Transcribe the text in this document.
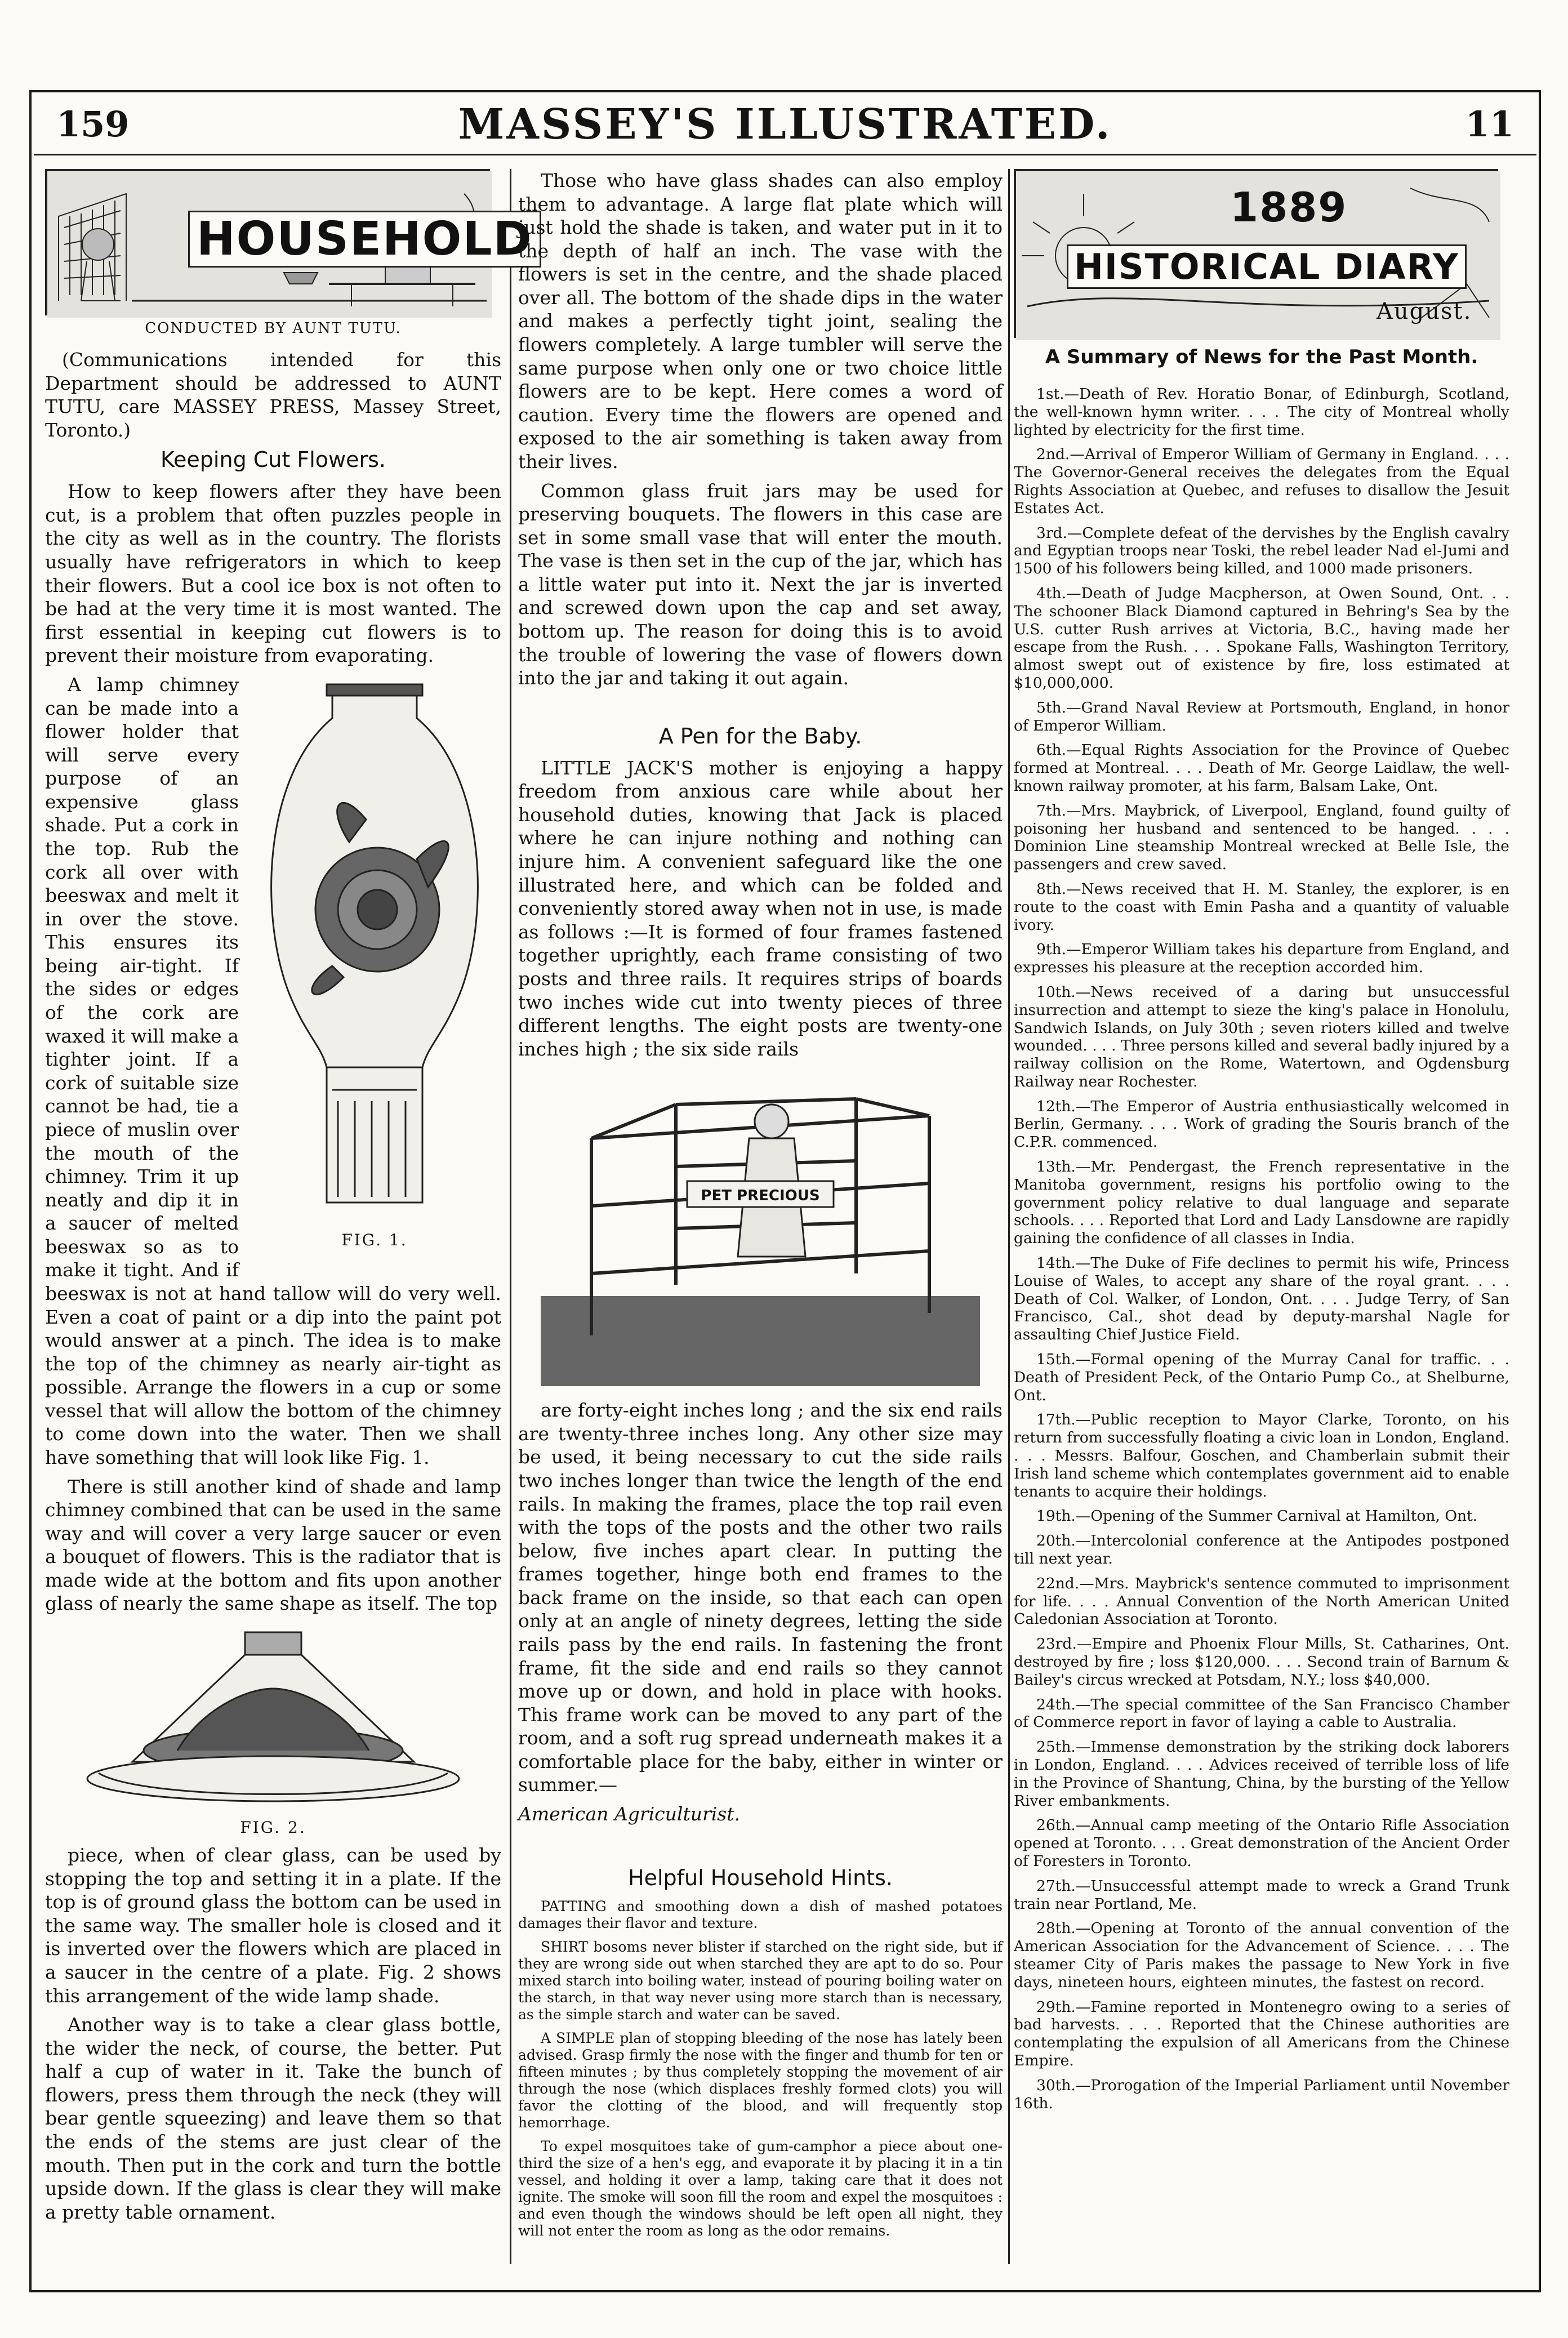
159	MASSEY'S ILLUSTRATED.	11
HOUSEHOLD
CONDUCTED BY AUNT TUTU.

(Communications intended for this Department should be addressed to AUNT TUTU, care MASSEY PRESS, Massey Street, Toronto.)

Keeping Cut Flowers.

How to keep flowers after they have been cut, is a problem that often puzzles people in the city as well as in the country. The florists usually have refrigerators in which to keep their flowers. But a cool ice box is not often to be had at the very time it is most wanted. The first essential in keeping cut flowers is to prevent their moisture from evaporating.

FIG. 1.

A lamp chimney can be made into a flower holder that will serve every purpose of an expensive glass shade. Put a cork in the top. Rub the cork all over with beeswax and melt it in over the stove. This ensures its being air-tight. If the sides or edges of the cork are waxed it will make a tighter joint. If a cork of suitable size cannot be had, tie a piece of muslin over the mouth of the chimney. Trim it up neatly and dip it in a saucer of melted beeswax so as to make it tight. And if beeswax is not at hand tallow will do very well. Even a coat of paint or a dip into the paint pot would answer at a pinch. The idea is to make the top of the chimney as nearly air-tight as possible. Arrange the flowers in a cup or some vessel that will allow the bottom of the chimney to come down into the water. Then we shall have something that will look like Fig. 1.

There is still another kind of shade and lamp chimney combined that can be used in the same way and will cover a very large saucer or even a bouquet of flowers. This is the radiator that is made wide at the bottom and fits upon another glass of nearly the same shape as itself. The top

FIG. 2.

piece, when of clear glass, can be used by stopping the top and setting it in a plate. If the top is of ground glass the bottom can be used in the same way. The smaller hole is closed and it is inverted over the flowers which are placed in a saucer in the centre of a plate. Fig. 2 shows this arrangement of the wide lamp shade.

Another way is to take a clear glass bottle, the wider the neck, of course, the better. Put half a cup of water in it. Take the bunch of flowers, press them through the neck (they will bear gentle squeezing) and leave them so that the ends of the stems are just clear of the mouth. Then put in the cork and turn the bottle upside down. If the glass is clear they will make a pretty table ornament.

Those who have glass shades can also employ them to advantage. A large flat plate which will just hold the shade is taken, and water put in it to the depth of half an inch. The vase with the flowers is set in the centre, and the shade placed over all. The bottom of the shade dips in the water and makes a perfectly tight joint, sealing the flowers completely. A large tumbler will serve the same purpose when only one or two choice little flowers are to be kept. Here comes a word of caution. Every time the flowers are opened and exposed to the air something is taken away from their lives.

Common glass fruit jars may be used for preserving bouquets. The flowers in this case are set in some small vase that will enter the mouth. The vase is then set in the cup of the jar, which has a little water put into it. Next the jar is inverted and screwed down upon the cap and set away, bottom up. The reason for doing this is to avoid the trouble of lowering the vase of flowers down into the jar and taking it out again.

A Pen for the Baby.

LITTLE JACK'S mother is enjoying a happy freedom from anxious care while about her household duties, knowing that Jack is placed where he can injure nothing and nothing can injure him. A convenient safeguard like the one illustrated here, and which can be folded and conveniently stored away when not in use, is made as follows :—It is formed of four frames fastened together uprightly, each frame consisting of two posts and three rails. It requires strips of boards two inches wide cut into twenty pieces of three different lengths. The eight posts are twenty-one inches high ; the six side rails

PET PRECIOUS

are forty-eight inches long ; and the six end rails are twenty-three inches long. Any other size may be used, it being necessary to cut the side rails two inches longer than twice the length of the end rails. In making the frames, place the top rail even with the tops of the posts and the other two rails below, five inches apart clear. In putting the frames together, hinge both end frames to the back frame on the inside, so that each can open only at an angle of ninety degrees, letting the side rails pass by the end rails. In fastening the front frame, fit the side and end rails so they cannot move up or down, and hold in place with hooks. This frame work can be moved to any part of the room, and a soft rug spread underneath makes it a comfortable place for the baby, either in winter or summer.—

American Agriculturist.

Helpful Household Hints.

PATTING and smoothing down a dish of mashed potatoes damages their flavor and texture.

SHIRT bosoms never blister if starched on the right side, but if they are wrong side out when starched they are apt to do so. Pour mixed starch into boiling water, instead of pouring boiling water on the starch, in that way never using more starch than is necessary, as the simple starch and water can be saved.

A SIMPLE plan of stopping bleeding of the nose has lately been advised. Grasp firmly the nose with the finger and thumb for ten or fifteen minutes ; by thus completely stopping the movement of air through the nose (which displaces freshly formed clots) you will favor the clotting of the blood, and will frequently stop hemorrhage.

To expel mosquitoes take of gum-camphor a piece about one-third the size of a hen's egg, and evaporate it by placing it in a tin vessel, and holding it over a lamp, taking care that it does not ignite. The smoke will soon fill the room and expel the mosquitoes : and even though the windows should be left open all night, they will not enter the room as long as the odor remains.

1889
HISTORICAL DIARY
August.
A Summary of News for the Past Month.

1st.—Death of Rev. Horatio Bonar, of Edinburgh, Scotland, the well-known hymn writer. . . . The city of Montreal wholly lighted by electricity for the first time.

2nd.—Arrival of Emperor William of Germany in England. . . . The Governor-General receives the delegates from the Equal Rights Association at Quebec, and refuses to disallow the Jesuit Estates Act.

3rd.—Complete defeat of the dervishes by the English cavalry and Egyptian troops near Toski, the rebel leader Nad el-Jumi and 1500 of his followers being killed, and 1000 made prisoners.

4th.—Death of Judge Macpherson, at Owen Sound, Ont. . . The schooner Black Diamond captured in Behring's Sea by the U.S. cutter Rush arrives at Victoria, B.C., having made her escape from the Rush. . . . Spokane Falls, Washington Territory, almost swept out of existence by fire, loss estimated at $10,000,000.

5th.—Grand Naval Review at Portsmouth, England, in honor of Emperor William.

6th.—Equal Rights Association for the Province of Quebec formed at Montreal. . . . Death of Mr. George Laidlaw, the well-known railway promoter, at his farm, Balsam Lake, Ont.

7th.—Mrs. Maybrick, of Liverpool, England, found guilty of poisoning her husband and sentenced to be hanged. . . . Dominion Line steamship Montreal wrecked at Belle Isle, the passengers and crew saved.

8th.—News received that H. M. Stanley, the explorer, is en route to the coast with Emin Pasha and a quantity of valuable ivory.

9th.—Emperor William takes his departure from England, and expresses his pleasure at the reception accorded him.

10th.—News received of a daring but unsuccessful insurrection and attempt to sieze the king's palace in Honolulu, Sandwich Islands, on July 30th ; seven rioters killed and twelve wounded. . . . Three persons killed and several badly injured by a railway collision on the Rome, Watertown, and Ogdensburg Railway near Rochester.

12th.—The Emperor of Austria enthusiastically welcomed in Berlin, Germany. . . . Work of grading the Souris branch of the C.P.R. commenced.

13th.—Mr. Pendergast, the French representative in the Manitoba government, resigns his portfolio owing to the government policy relative to dual language and separate schools. . . . Reported that Lord and Lady Lansdowne are rapidly gaining the confidence of all classes in India.

14th.—The Duke of Fife declines to permit his wife, Princess Louise of Wales, to accept any share of the royal grant. . . . Death of Col. Walker, of London, Ont. . . . Judge Terry, of San Francisco, Cal., shot dead by deputy-marshal Nagle for assaulting Chief Justice Field.

15th.—Formal opening of the Murray Canal for traffic. . . Death of President Peck, of the Ontario Pump Co., at Shelburne, Ont.

17th.—Public reception to Mayor Clarke, Toronto, on his return from successfully floating a civic loan in London, England. . . . Messrs. Balfour, Goschen, and Chamberlain submit their Irish land scheme which contemplates government aid to enable tenants to acquire their holdings.

19th.—Opening of the Summer Carnival at Hamilton, Ont.

20th.—Intercolonial conference at the Antipodes postponed till next year.

22nd.—Mrs. Maybrick's sentence commuted to imprisonment for life. . . . Annual Convention of the North American United Caledonian Association at Toronto.

23rd.—Empire and Phoenix Flour Mills, St. Catharines, Ont. destroyed by fire ; loss $120,000. . . . Second train of Barnum & Bailey's circus wrecked at Potsdam, N.Y.; loss $40,000.

24th.—The special committee of the San Francisco Chamber of Commerce report in favor of laying a cable to Australia.

25th.—Immense demonstration by the striking dock laborers in London, England. . . . Advices received of terrible loss of life in the Province of Shantung, China, by the bursting of the Yellow River embankments.

26th.—Annual camp meeting of the Ontario Rifle Association opened at Toronto. . . . Great demonstration of the Ancient Order of Foresters in Toronto.

27th.—Unsuccessful attempt made to wreck a Grand Trunk train near Portland, Me.

28th.—Opening at Toronto of the annual convention of the American Association for the Advancement of Science. . . . The steamer City of Paris makes the passage to New York in five days, nineteen hours, eighteen minutes, the fastest on record.

29th.—Famine reported in Montenegro owing to a series of bad harvests. . . . Reported that the Chinese authorities are contemplating the expulsion of all Americans from the Chinese Empire.

30th.—Prorogation of the Imperial Parliament until November 16th.
